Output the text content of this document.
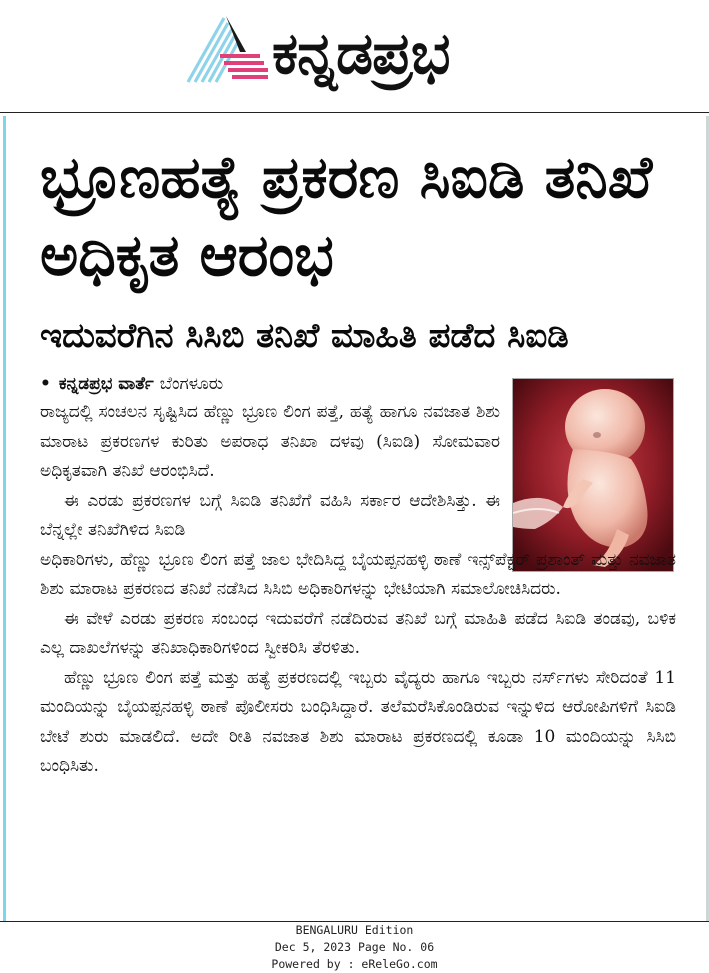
ಕನ್ನಡಪ್ರಭ
ಭ್ರೂಣಹತ್ಯೆ ಪ್ರಕರಣ ಸಿಐಡಿ ತನಿಖೆ ಅಧಿಕೃತ ಆರಂಭ
ಇದುವರೆಗಿನ ಸಿಸಿಬಿ ತನಿಖೆ ಮಾಹಿತಿ ಪಡೆದ ಸಿಐಡಿ
• ಕನ್ನಡಪ್ರಭ ವಾರ್ತೆ ಬೆಂಗಳೂರು

ರಾಜ್ಯದಲ್ಲಿ ಸಂಚಲನ ಸೃಷ್ಟಿಸಿದ ಹೆಣ್ಣು ಭ್ರೂಣ ಲಿಂಗ ಪತ್ತೆ, ಹತ್ಯೆ ಹಾಗೂ ನವಜಾತ ಶಿಶು ಮಾರಾಟ ಪ್ರಕರಣಗಳ ಕುರಿತು ಅಪರಾಧ ತನಿಖಾ ದಳವು (ಸಿಐಡಿ) ಸೋಮವಾರ ಅಧಿಕೃತವಾಗಿ ತನಿಖೆ ಆರಂಭಿಸಿದೆ.

ಈ ಎರಡು ಪ್ರಕರಣಗಳ ಬಗ್ಗೆ ಸಿಐಡಿ ತನಿಖೆಗೆ ವಹಿಸಿ ಸರ್ಕಾರ ಆದೇಶಿಸಿತ್ತು. ಈ ಬೆನ್ನಲ್ಲೇ ತನಿಖೆಗಿಳಿದ ಸಿಐಡಿ

ಅಧಿಕಾರಿಗಳು, ಹೆಣ್ಣು ಭ್ರೂಣ ಲಿಂಗ ಪತ್ತೆ ಜಾಲ ಭೇದಿಸಿದ್ದ ಬೈಯಪ್ಪನಹಳ್ಳಿ ಠಾಣೆ ಇನ್ಸ್‌ಪೆಕ್ಟರ್ ಪ್ರಶಾಂತ್ ಮತ್ತು ನವಜಾತ ಶಿಶು ಮಾರಾಟ ಪ್ರಕರಣದ ತನಿಖೆ ನಡೆಸಿದ ಸಿಸಿಬಿ ಅಧಿಕಾರಿಗಳನ್ನು ಭೇಟಿಯಾಗಿ ಸಮಾಲೋಚಿಸಿದರು.

ಈ ವೇಳೆ ಎರಡು ಪ್ರಕರಣ ಸಂಬಂಧ ಇದುವರೆಗೆ ನಡೆದಿರುವ ತನಿಖೆ ಬಗ್ಗೆ ಮಾಹಿತಿ ಪಡೆದ ಸಿಐಡಿ ತಂಡವು, ಬಳಿಕ ಎಲ್ಲ ದಾಖಲೆಗಳನ್ನು ತನಿಖಾಧಿಕಾರಿಗಳಿಂದ ಸ್ವೀಕರಿಸಿ ತೆರಳಿತು.

ಹೆಣ್ಣು ಭ್ರೂಣ ಲಿಂಗ ಪತ್ತೆ ಮತ್ತು ಹತ್ಯೆ ಪ್ರಕರಣದಲ್ಲಿ ಇಬ್ಬರು ವೈದ್ಯರು ಹಾಗೂ ಇಬ್ಬರು ನರ್ಸ್‌ಗಳು ಸೇರಿದಂತೆ 11 ಮಂದಿಯನ್ನು ಬೈಯಪ್ಪನಹಳ್ಳಿ ಠಾಣೆ ಪೊಲೀಸರು ಬಂಧಿಸಿದ್ದಾರೆ. ತಲೆಮರೆಸಿಕೊಂಡಿರುವ ಇನ್ನುಳಿದ ಆರೋಪಿಗಳಿಗೆ ಸಿಐಡಿ ಬೇಟೆ ಶುರು ಮಾಡಲಿದೆ. ಅದೇ ರೀತಿ ನವಜಾತ ಶಿಶು ಮಾರಾಟ ಪ್ರಕರಣದಲ್ಲಿ ಕೂಡಾ 10 ಮಂದಿಯನ್ನು ಸಿಸಿಬಿ ಬಂಧಿಸಿತು.

BENGALURU Edition
Dec 5, 2023 Page No. 06
Powered by : eReleGo.com
